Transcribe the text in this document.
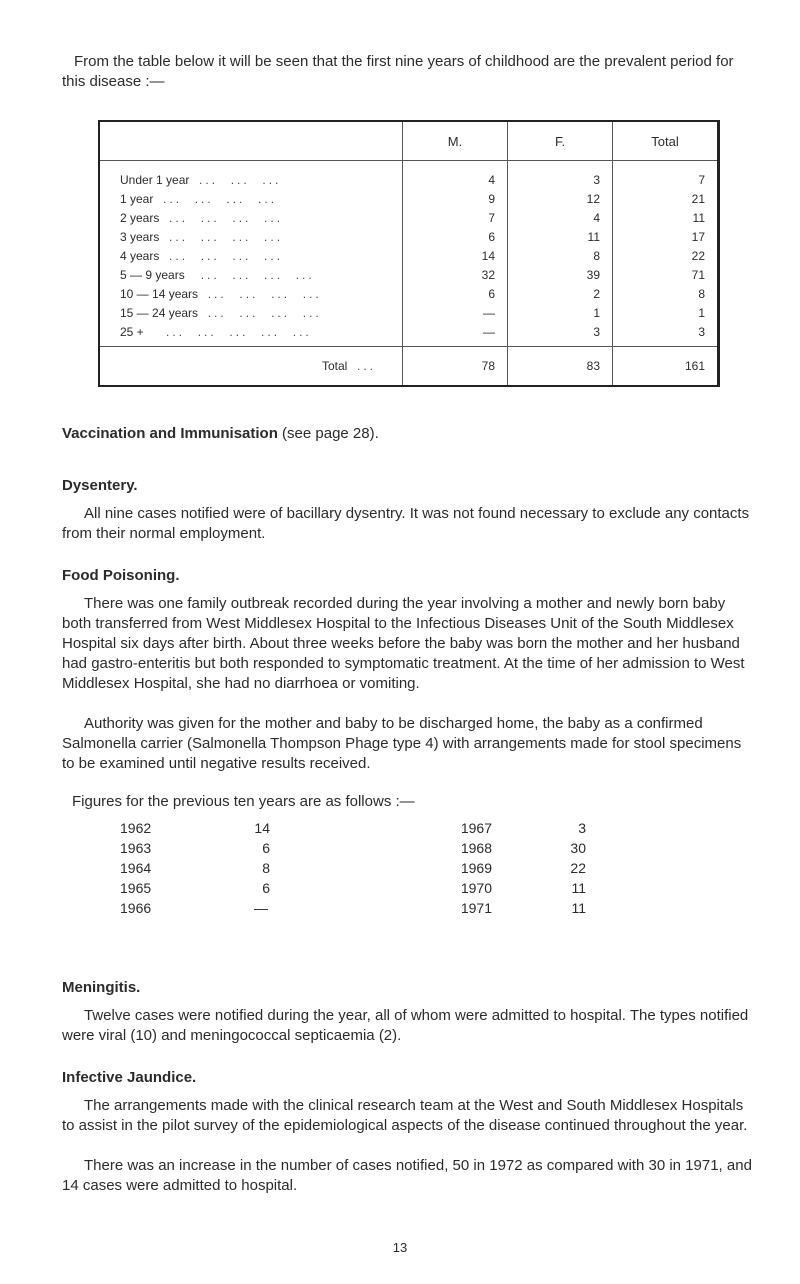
From the table below it will be seen that the first nine years of childhood are the prevalent period for this disease :—

	M.	F.	Total
Under 1 year  ...  ...  ...	4	3	7
1 year  ...  ...  ...  ...	9	12	21
2 years  ...  ...  ...  ...	7	4	11
3 years  ...  ...  ...  ...	6	11	17
4 years  ...  ...  ...  ...	14	8	22
5 — 9 years   ...  ...  ...  ...	32	39	71
10 — 14 years  ...  ...  ...  ...	6	2	8
15 — 24 years  ...  ...  ...  ...	—	1	1
25 +    ...  ...  ...  ...  ...	—	3	3
Total  ...	78	83	161
Vaccination and Immunisation (see page 28).
Dysentery.

All nine cases notified were of bacillary dysentry. It was not found necessary to exclude any contacts from their normal employment.

Food Poisoning.

There was one family outbreak recorded during the year involving a mother and newly born baby both transferred from West Middlesex Hospital to the Infectious Diseases Unit of the South Middlesex Hospital six days after birth. About three weeks before the baby was born the mother and her husband had gastro-enteritis but both responded to symptomatic treatment. At the time of her admission to West Middlesex Hospital, she had no diarrhoea or vomiting.

Authority was given for the mother and baby to be discharged home, the baby as a confirmed Salmonella carrier (Salmonella Thompson Phage type 4) with arrangements made for stool specimens to be examined until negative results received.

Figures for the previous ten years are as follows :—

1962	14	1967	3
1963	6	1968	30
1964	8	1969	22
1965	6	1970	11
1966	—	1971	11
Meningitis.

Twelve cases were notified during the year, all of whom were admitted to hospital. The types notified were viral (10) and meningococcal septicaemia (2).

Infective Jaundice.

The arrangements made with the clinical research team at the West and South Middlesex Hospitals to assist in the pilot survey of the epidemiological aspects of the disease continued throughout the year.

There was an increase in the number of cases notified, 50 in 1972 as compared with 30 in 1971, and 14 cases were admitted to hospital.

13
